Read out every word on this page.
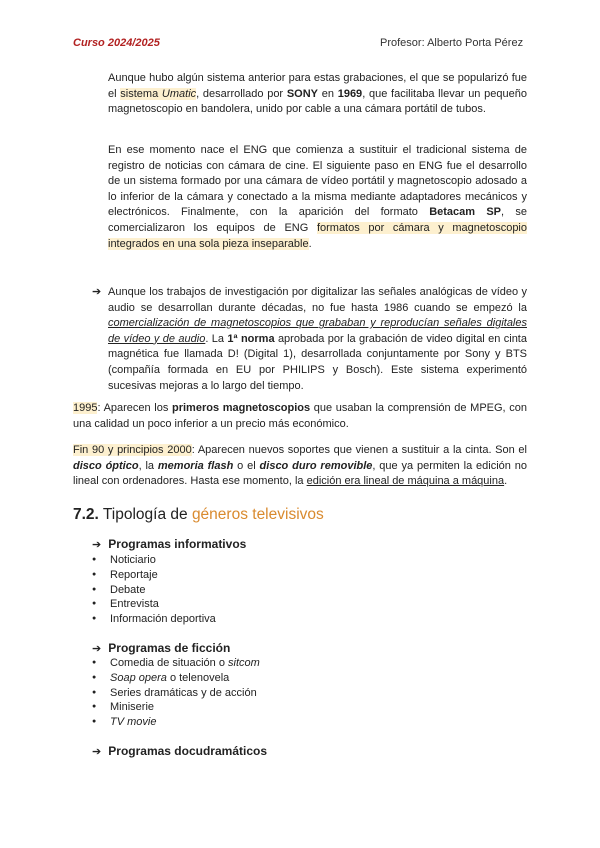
Curso 2024/2025	Profesor: Alberto Porta Pérez

Aunque hubo algún sistema anterior para estas grabaciones, el que se popularizó fue el sistema Umatic, desarrollado por SONY en 1969, que facilitaba llevar un pequeño magnetoscopio en bandolera, unido por cable a una cámara portátil de tubos.

En ese momento nace el ENG que comienza a sustituir el tradicional sistema de registro de noticias con cámara de cine. El siguiente paso en ENG fue el desarrollo de un sistema formado por una cámara de vídeo portátil y magnetoscopio adosado a lo inferior de la cámara y conectado a la misma mediante adaptadores mecánicos y electrónicos. Finalmente, con la aparición del formato Betacam SP, se comercializaron los equipos de ENG formatos por cámara y magnetoscopio integrados en una sola pieza inseparable.

➔ Aunque los trabajos de investigación por digitalizar las señales analógicas de vídeo y audio se desarrollan durante décadas, no fue hasta 1986 cuando se empezó la comercialización de magnetoscopios que grababan y reproducían señales digitales de vídeo y de audio. La 1ª norma aprobada por la grabación de video digital en cinta magnética fue llamada D! (Digital 1), desarrollada conjuntamente por Sony y BTS (compañía formada en EU por PHILIPS y Bosch). Este sistema experimentó sucesivas mejoras a lo largo del tiempo.

1995: Aparecen los primeros magnetoscopios que usaban la comprensión de MPEG, con una calidad un poco inferior a un precio más económico.

Fin 90 y principios 2000: Aparecen nuevos soportes que vienen a sustituir a la cinta. Son el disco óptico, la memoria flash o el disco duro removible, que ya permiten la edición no lineal con ordenadores. Hasta ese momento, la edición era lineal de máquina a máquina.

7.2. Tipología de géneros televisivos
➔ Programas informativos
● Noticiario
● Reportaje
● Debate
● Entrevista
● Información deportiva
➔ Programas de ficción
● Comedia de situación o sitcom
● Soap opera o telenovela
● Series dramáticas y de acción
● Miniserie
● TV movie
➔ Programas docudramáticos
